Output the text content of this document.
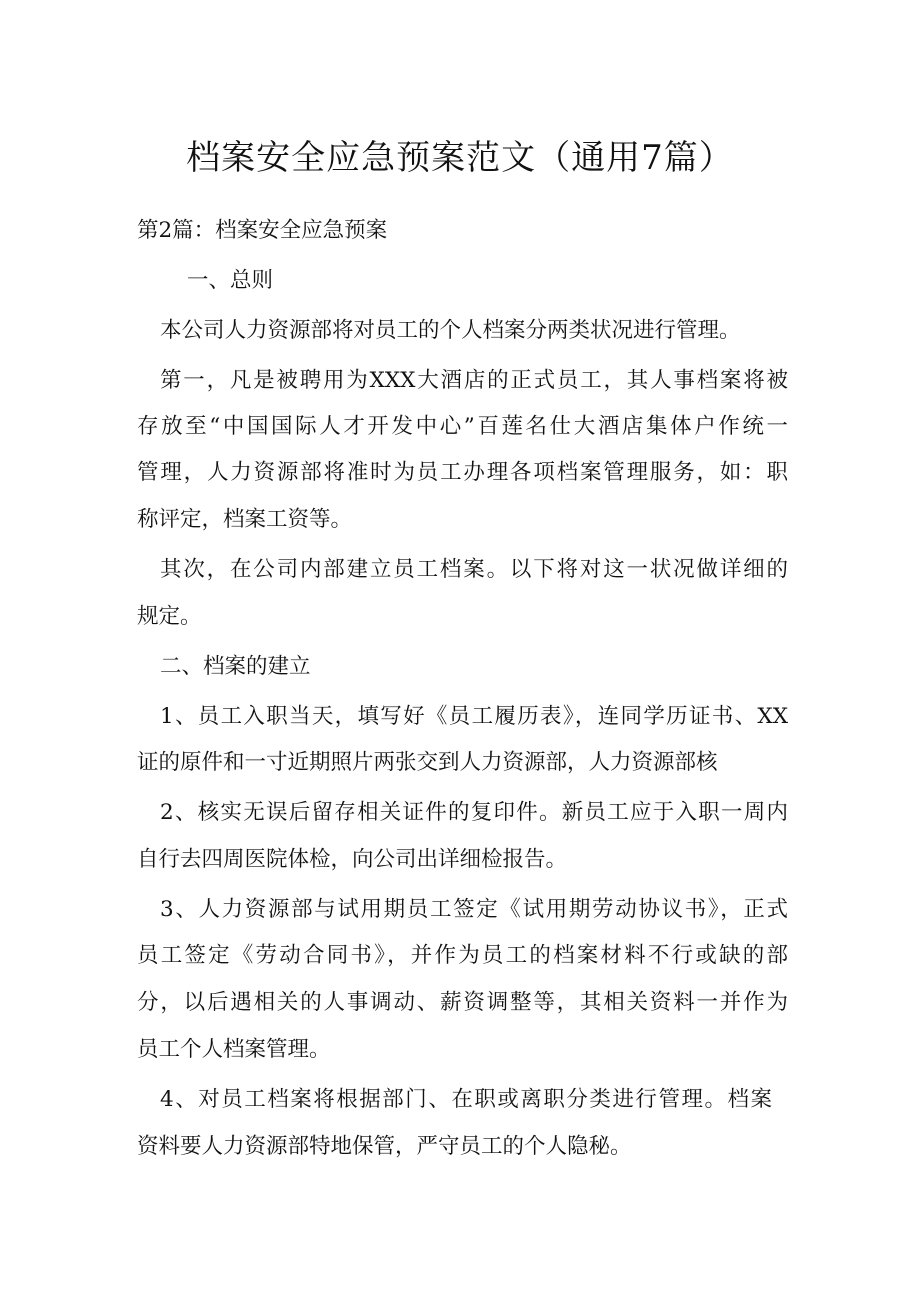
档案安全应急预案范文（通用7篇）
第2篇：档案安全应急预案
一、总则
本公司人力资源部将对员工的个人档案分两类状况进行管理。
第一，凡是被聘用为XXX大酒店的正式员工，其人事档案将被
存放至“中国国际人才开发中心”百莲名仕大酒店集体户作统一
管理，人力资源部将准时为员工办理各项档案管理服务，如：职
称评定，档案工资等。
其次，在公司内部建立员工档案。以下将对这一状况做详细的
规定。
二、档案的建立
1、员工入职当天，填写好《员工履历表》，连同学历证书、XX
证的原件和一寸近期照片两张交到人力资源部，人力资源部核
2、核实无误后留存相关证件的复印件。新员工应于入职一周内
自行去四周医院体检，向公司出详细检报告。
3、人力资源部与试用期员工签定《试用期劳动协议书》，正式
员工签定《劳动合同书》，并作为员工的档案材料不行或缺的部
分，以后遇相关的人事调动、薪资调整等，其相关资料一并作为
员工个人档案管理。
4、对员工档案将根据部门、在职或离职分类进行管理。档案
资料要人力资源部特地保管，严守员工的个人隐秘。
